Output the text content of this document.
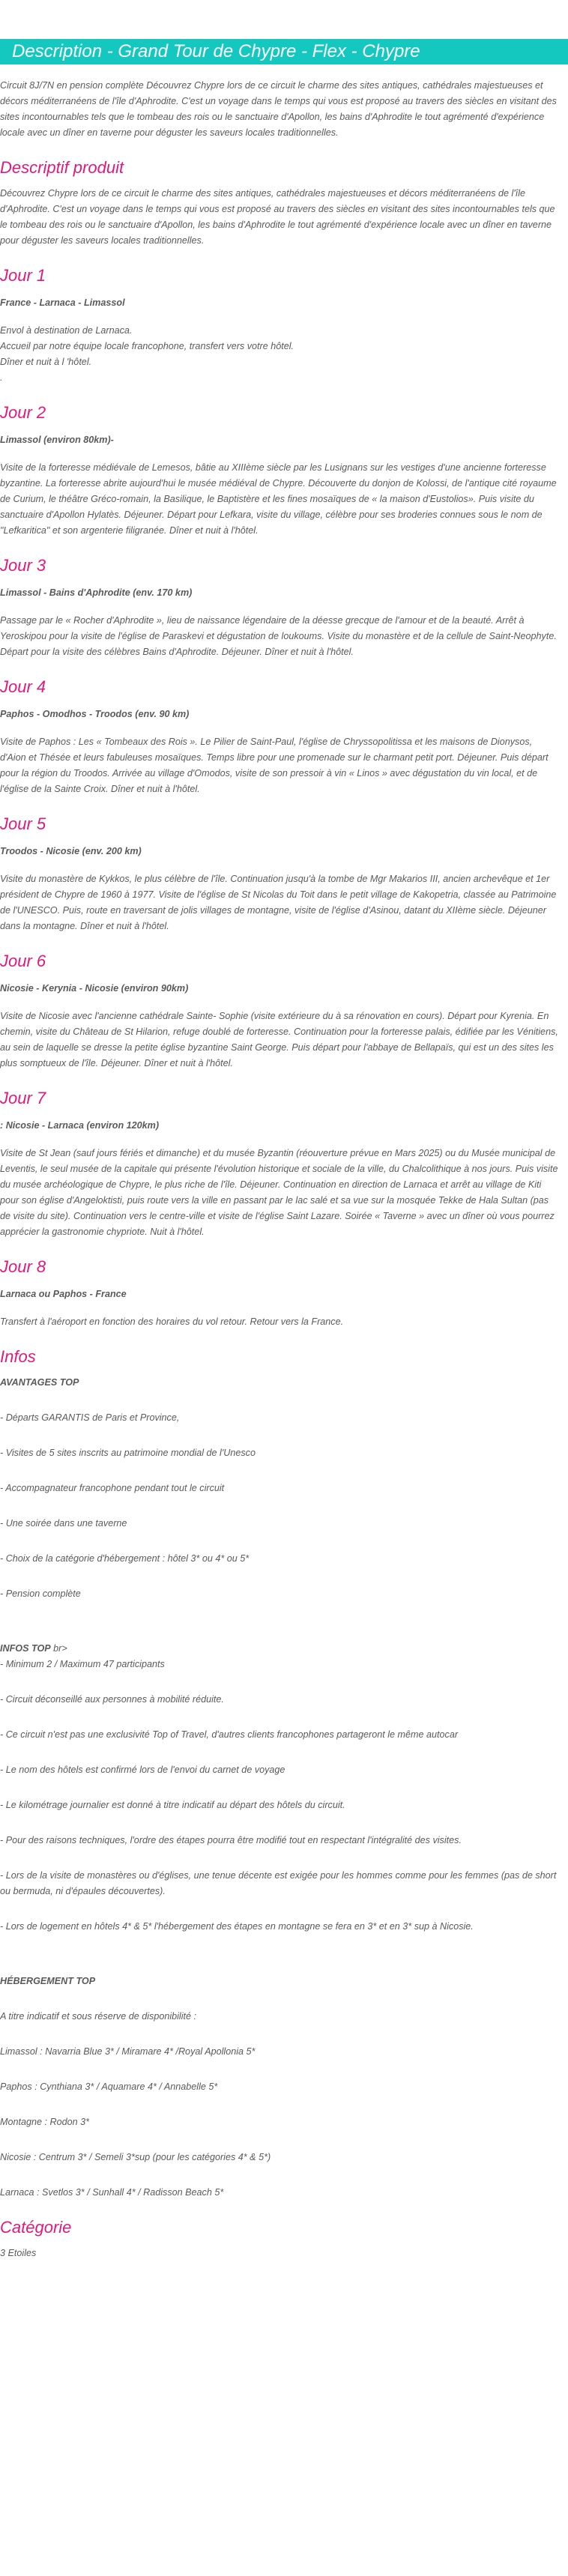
Description - Grand Tour de Chypre - Flex - Chypre

Circuit 8J/7N en pension complète Découvrez Chypre lors de ce circuit le charme des sites antiques, cathédrales majestueuses et décors méditerranéens de l'île d'Aphrodite. C'est un voyage dans le temps qui vous est proposé au travers des siècles en visitant des sites incontournables tels que le tombeau des rois ou le sanctuaire d'Apollon, les bains d'Aphrodite le tout agrémenté d'expérience locale avec un dîner en taverne pour déguster les saveurs locales traditionnelles.

Descriptif produit

Découvrez Chypre lors de ce circuit le charme des sites antiques, cathédrales majestueuses et décors méditerranéens de l'île d'Aphrodite. C'est un voyage dans le temps qui vous est proposé au travers des siècles en visitant des sites incontournables tels que le tombeau des rois ou le sanctuaire d'Apollon, les bains d'Aphrodite le tout agrémenté d'expérience locale avec un dîner en taverne pour déguster les saveurs locales traditionnelles.

Jour 1

France - Larnaca - Limassol

Envol à destination de Larnaca.

Accueil par notre équipe locale francophone, transfert vers votre hôtel.

Dîner et nuit à l 'hôtel.

.

Jour 2

Limassol (environ 80km)-

Visite de la forteresse médiévale de Lemesos, bâtie au XIIIème siècle par les Lusignans sur les vestiges d'une ancienne forteresse byzantine. La forteresse abrite aujourd'hui le musée médiéval de Chypre. Découverte du donjon de Kolossi, de l'antique cité royaume de Curium, le théâtre Gréco-romain, la Basilique, le Baptistère et les fines mosaïques de « la maison d'Eustolios». Puis visite du sanctuaire d'Apollon Hylatès. Déjeuner. Départ pour Lefkara, visite du village, célèbre pour ses broderies connues sous le nom de "Lefkaritica" et son argenterie filigranée. Dîner et nuit à l'hôtel.

Jour 3

Limassol - Bains d'Aphrodite (env. 170 km)

Passage par le « Rocher d'Aphrodite », lieu de naissance légendaire de la déesse grecque de l'amour et de la beauté. Arrêt à Yeroskipou pour la visite de l'église de Paraskevi et dégustation de loukoums. Visite du monastère et de la cellule de Saint-Neophyte. Départ pour la visite des célèbres Bains d'Aphrodite. Déjeuner. Dîner et nuit à l'hôtel.

Jour 4

Paphos - Omodhos - Troodos (env. 90 km)

Visite de Paphos : Les « Tombeaux des Rois ». Le Pilier de Saint-Paul, l'église de Chryssopolitissa et les maisons de Dionysos, d'Aion et Thésée et leurs fabuleuses mosaïques. Temps libre pour une promenade sur le charmant petit port. Déjeuner. Puis départ pour la région du Troodos. Arrivée au village d'Omodos, visite de son pressoir à vin « Linos » avec dégustation du vin local, et de l'église de la Sainte Croix. Dîner et nuit à l'hôtel.

Jour 5

Troodos - Nicosie (env. 200 km)

Visite du monastère de Kykkos, le plus célèbre de l'île. Continuation jusqu'à la tombe de Mgr Makarios III, ancien archevêque et 1er président de Chypre de 1960 à 1977. Visite de l'église de St Nicolas du Toit dans le petit village de Kakopetria, classée au Patrimoine de l'UNESCO. Puis, route en traversant de jolis villages de montagne, visite de l'église d'Asinou, datant du XIIème siècle. Déjeuner dans la montagne. Dîner et nuit à l'hôtel.

Jour 6

Nicosie - Kerynia - Nicosie (environ 90km)

Visite de Nicosie avec l'ancienne cathédrale Sainte- Sophie (visite extérieure du à sa rénovation en cours). Départ pour Kyrenia. En chemin, visite du Château de St Hilarion, refuge doublé de forteresse. Continuation pour la forteresse palais, édifiée par les Vénitiens, au sein de laquelle se dresse la petite église byzantine Saint George. Puis départ pour l'abbaye de Bellapaïs, qui est un des sites les plus somptueux de l'île. Déjeuner. Dîner et nuit à l'hôtel.

Jour 7

: Nicosie - Larnaca (environ 120km)

Visite de St Jean (sauf jours fériés et dimanche) et du musée Byzantin (réouverture prévue en Mars 2025) ou du Musée municipal de Leventis, le seul musée de la capitale qui présente l'évolution historique et sociale de la ville, du Chalcolithique à nos jours. Puis visite du musée archéologique de Chypre, le plus riche de l'île. Déjeuner. Continuation en direction de Larnaca et arrêt au village de Kiti pour son église d'Angeloktisti, puis route vers la ville en passant par le lac salé et sa vue sur la mosquée Tekke de Hala Sultan (pas de visite du site). Continuation vers le centre-ville et visite de l'église Saint Lazare. Soirée « Taverne » avec un dîner où vous pourrez apprécier la gastronomie chypriote. Nuit à l'hôtel.

Jour 8

Larnaca ou Paphos - France

Transfert à l'aéroport en fonction des horaires du vol retour. Retour vers la France.

Infos

AVANTAGES TOP

- Départs GARANTIS de Paris et Province,

- Visites de 5 sites inscrits au patrimoine mondial de l'Unesco

- Accompagnateur francophone pendant tout le circuit

- Une soirée dans une taverne

- Choix de la catégorie d'hébergement : hôtel 3* ou 4* ou 5*

- Pension complète

INFOS TOP br>

- Minimum 2 / Maximum 47 participants

- Circuit déconseillé aux personnes à mobilité réduite.

- Ce circuit n'est pas une exclusivité Top of Travel, d'autres clients francophones partageront le même autocar

- Le nom des hôtels est confirmé lors de l'envoi du carnet de voyage

- Le kilométrage journalier est donné à titre indicatif au départ des hôtels du circuit.

- Pour des raisons techniques, l'ordre des étapes pourra être modifié tout en respectant l'intégralité des visites.

- Lors de la visite de monastères ou d'églises, une tenue décente est exigée pour les hommes comme pour les femmes (pas de short ou bermuda, ni d'épaules découvertes).

- Lors de logement en hôtels 4* & 5* l'hébergement des étapes en montagne se fera en 3* et en 3* sup à Nicosie.

HÉBERGEMENT TOP

A titre indicatif et sous réserve de disponibilité :

Limassol : Navarria Blue 3* / Miramare 4* /Royal Apollonia 5*

Paphos : Cynthiana 3* / Aquamare 4* / Annabelle 5*

Montagne : Rodon 3*

Nicosie : Centrum 3* / Semeli 3*sup (pour les catégories 4* & 5*)

Larnaca : Svetlos 3* / Sunhall 4* / Radisson Beach 5*

Catégorie

3 Etoiles
